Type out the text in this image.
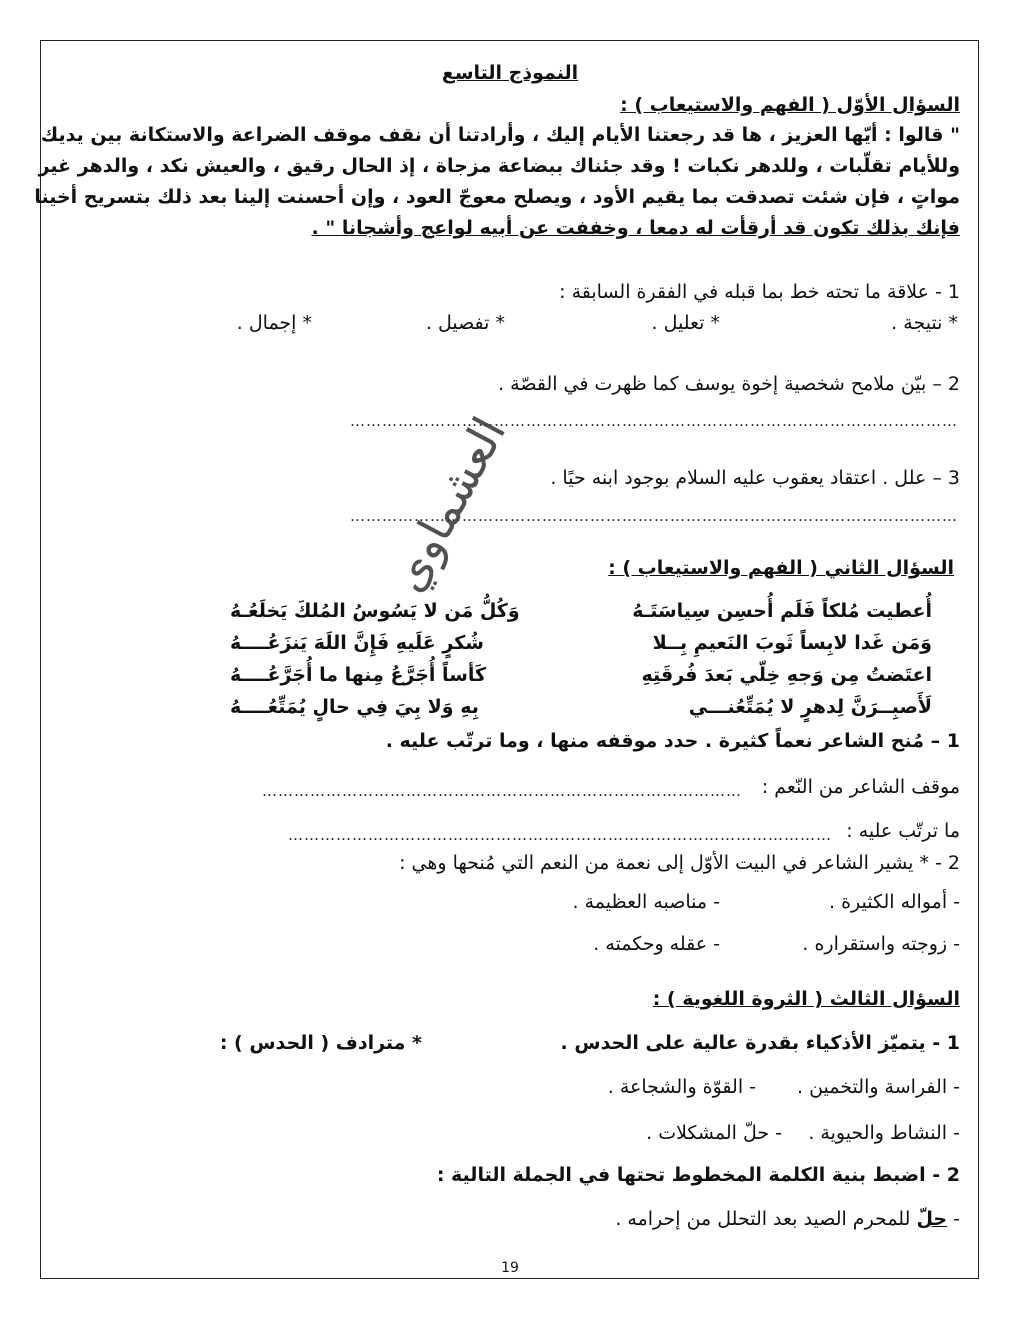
النموذج التاسع
السؤال الأوّل ( الفهم والاستيعاب ) :
" قالوا : أيّها العزيز ، ها قد رجعتنا الأيام إليك ، وأرادتنا أن نقف موقف الضراعة والاستكانة بين يديك
وللأيام تقلّبات ، وللدهر نكبات ! وقد جئناك ببضاعة مزجاة ، إذ الحال رقيق ، والعيش نكد ، والدهر غير
مواتٍ ، فإن شئت تصدقت بما يقيم الأود ، ويصلح معوجّ العود ، وإن أحسنت إلينا بعد ذلك بتسريح أخينا
فإنك بذلك تكون قد أرقأت له دمعا ، وخففت عن أبيه لواعج وأشجانا " .
1 - علاقة ما تحته خط بما قبله في الفقرة السابقة :
* نتيجة .
* تعليل .
* تفصيل .
* إجمال .
2 – بيّن ملامح شخصية إخوة يوسف كما ظهرت في القصّة .
……………………………………………………………………………………………………
3 – علل . اعتقاد يعقوب عليه السلام بوجود ابنه حيًا .
……………………………………………………………………………………………………
السؤال الثاني ( الفهم والاستيعاب ) :
أُعطيت مُلكاً فَلَم أُحسِن سِياسَتَـهُ
وَكُلُّ مَن لا يَسُوسُ المُلكَ يَخلَعُـهُ
وَمَن غَدا لابِساً ثَوبَ النَعيمِ بِــلا
شُكرٍ عَلَيهِ فَإِنَّ اللَهَ يَنزَعُــــهُ
اعتَضتُ مِن وَجهِ خِلّي بَعدَ فُرقَتِهِ
كَأساً أُجَرَّعُ مِنها ما أُجَرَّعُــــهُ
لَأَصبِــرَنَّ لِدهرٍ لا يُمَتِّعُنـــي
بِهِ وَلا بِيَ فِي حالٍ يُمَتِّعُــــهُ
1 – مُنح الشاعر نعماً كثيرة . حدد موقفه منها ، وما ترتّب عليه .
موقف الشاعر من النّعم :
………………………………………………………………………………
ما ترتّب عليه :
…………………………………………………………………………………………
2 - * يشير الشاعر في البيت الأوّل إلى نعمة من النعم التي مُنحها وهي :
- أمواله الكثيرة .
- مناصبه العظيمة .
- زوجته واستقراره .
- عقله وحكمته .
السؤال الثالث ( الثروة اللغوية ) :
1 - يتميّز الأذكياء بقدرة عالية على الحدس .
* مترادف ( الحدس ) :
- الفراسة والتخمين .
- القوّة والشجاعة .
- النشاط والحيوية .
- حلّ المشكلات .
2 - اضبط بنية الكلمة المخطوط تحتها في الجملة التالية :
- حلّ للمحرم الصيد بعد التحلل من إحرامه .
العشماوي
19
